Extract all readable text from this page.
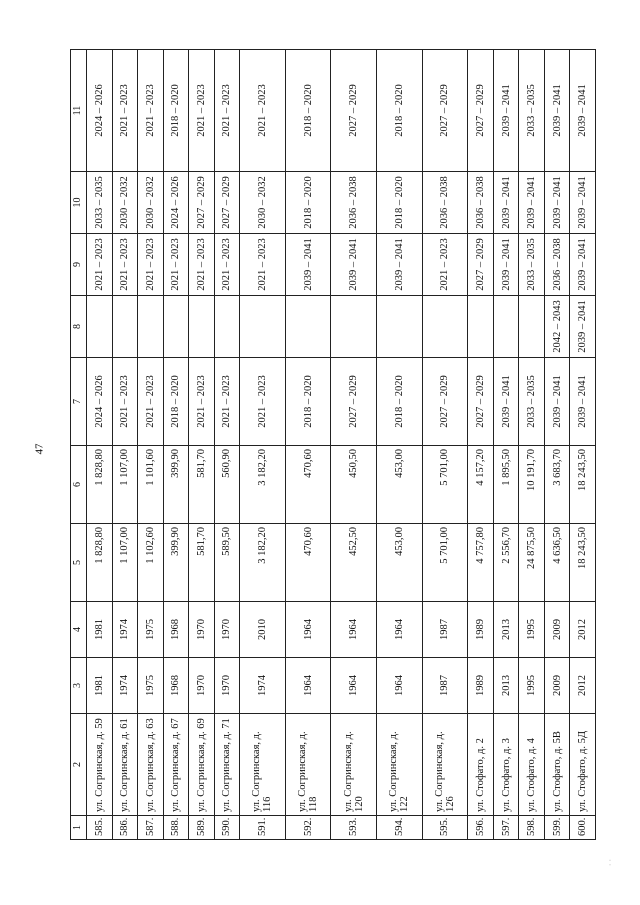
47
1	2	3	4	5	6	7	8	9	10	11
585.	ул. Согринская, д. 59	1981	1981	1 828,80	1 828,80	2024 – 2026		2021 – 2023	2033 – 2035	2024 – 2026
586.	ул. Согринская, д. 61	1974	1974	1 107,00	1 107,00	2021 – 2023		2021 – 2023	2030 – 2032	2021 – 2023
587.	ул. Согринская, д. 63	1975	1975	1 102,60	1 101,60	2021 – 2023		2021 – 2023	2030 – 2032	2021 – 2023
588.	ул. Согринская, д. 67	1968	1968	399,90	399,90	2018 – 2020		2021 – 2023	2024 – 2026	2018 – 2020
589.	ул. Согринская, д. 69	1970	1970	581,70	581,70	2021 – 2023		2021 – 2023	2027 – 2029	2021 – 2023
590.	ул. Согринская, д. 71	1970	1970	589,50	560,90	2021 – 2023		2021 – 2023	2027 – 2029	2021 – 2023
591.	ул. Согринская, д. 116	1974	2010	3 182,20	3 182,20	2021 – 2023		2021 – 2023	2030 – 2032	2021 – 2023
592.	ул. Согринская, д. 118	1964	1964	470,60	470,60	2018 – 2020		2039 – 2041	2018 – 2020	2018 – 2020
593.	ул. Согринская, д. 120	1964	1964	452,50	450,50	2027 – 2029		2039 – 2041	2036 – 2038	2027 – 2029
594.	ул. Согринская, д. 122	1964	1964	453,00	453,00	2018 – 2020		2039 – 2041	2018 – 2020	2018 – 2020
595.	ул. Согринская, д. 126	1987	1987	5 701,00	5 701,00	2027 – 2029		2021 – 2023	2036 – 2038	2027 – 2029
596.	ул. Стофато, д. 2	1989	1989	4 757,80	4 157,20	2027 – 2029		2027 – 2029	2036 – 2038	2027 – 2029
597.	ул. Стофато, д. 3	2013	2013	2 556,70	1 895,50	2039 – 2041		2039 – 2041	2039 – 2041	2039 – 2041
598.	ул. Стофато, д. 4	1995	1995	24 875,50	10 191,70	2033 – 2035		2033 – 2035	2039 – 2041	2033 – 2035
599.	ул. Стофато, д. 5В	2009	2009	4 636,50	3 683,70	2039 – 2041	2042 – 2043	2036 – 2038	2039 – 2041	2039 – 2041
600.	ул. Стофато, д. 5Д	2012	2012	18 243,50	18 243,50	2039 – 2041	2039 – 2041	2039 – 2041	2039 – 2041	2039 – 2041
· ·
